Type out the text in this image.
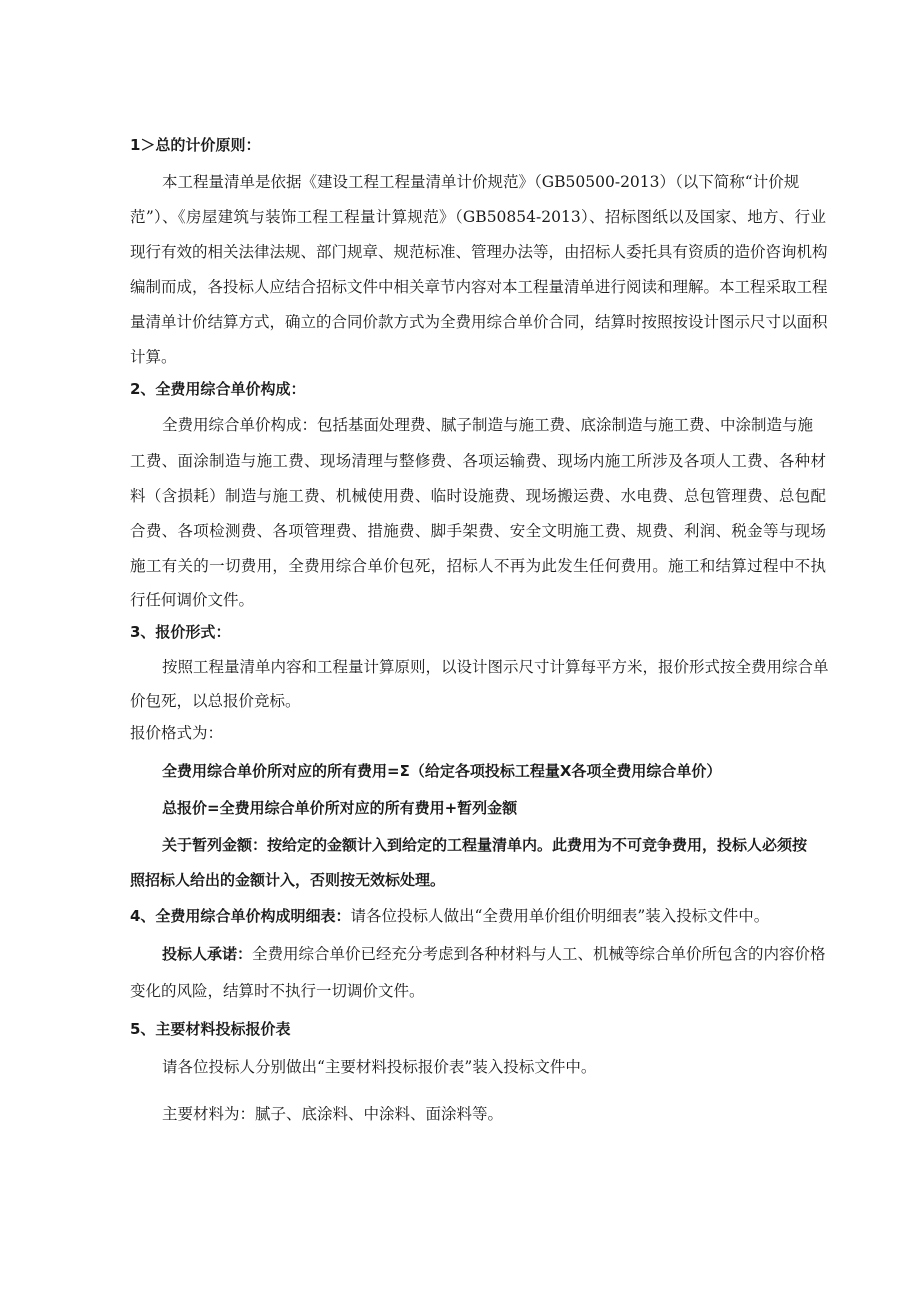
1＞总的计价原则：
本工程量清单是依据《建设工程工程量清单计价规范》（GB50500-2013）（以下简称“计价规
范”）、《房屋建筑与装饰工程工程量计算规范》（GB50854-2013）、招标图纸以及国家、地方、行业
现行有效的相关法律法规、部门规章、规范标准、管理办法等，由招标人委托具有资质的造价咨询机构
编制而成，各投标人应结合招标文件中相关章节内容对本工程量清单进行阅读和理解。本工程采取工程
量清单计价结算方式，确立的合同价款方式为全费用综合单价合同，结算时按照按设计图示尺寸以面积
计算。
2、全费用综合单价构成：
全费用综合单价构成：包括基面处理费、腻子制造与施工费、底涂制造与施工费、中涂制造与施
工费、面涂制造与施工费、现场清理与整修费、各项运输费、现场内施工所涉及各项人工费、各种材
料（含损耗）制造与施工费、机械使用费、临时设施费、现场搬运费、水电费、总包管理费、总包配
合费、各项检测费、各项管理费、措施费、脚手架费、安全文明施工费、规费、利润、税金等与现场
施工有关的一切费用，全费用综合单价包死，招标人不再为此发生任何费用。施工和结算过程中不执
行任何调价文件。
3、报价形式：
按照工程量清单内容和工程量计算原则，以设计图示尺寸计算每平方米，报价形式按全费用综合单
价包死，以总报价竞标。
报价格式为：
全费用综合单价所对应的所有费用=Σ（给定各项投标工程量X各项全费用综合单价）
总报价=全费用综合单价所对应的所有费用+暂列金额
关于暂列金额：按给定的金额计入到给定的工程量清单内。此费用为不可竞争费用，投标人必须按
照招标人给出的金额计入，否则按无效标处理。
4、全费用综合单价构成明细表：请各位投标人做出“全费用单价组价明细表”装入投标文件中。
投标人承诺：全费用综合单价已经充分考虑到各种材料与人工、机械等综合单价所包含的内容价格
变化的风险，结算时不执行一切调价文件。
5、主要材料投标报价表
请各位投标人分别做出“主要材料投标报价表”装入投标文件中。
主要材料为：腻子、底涂料、中涂料、面涂料等。
